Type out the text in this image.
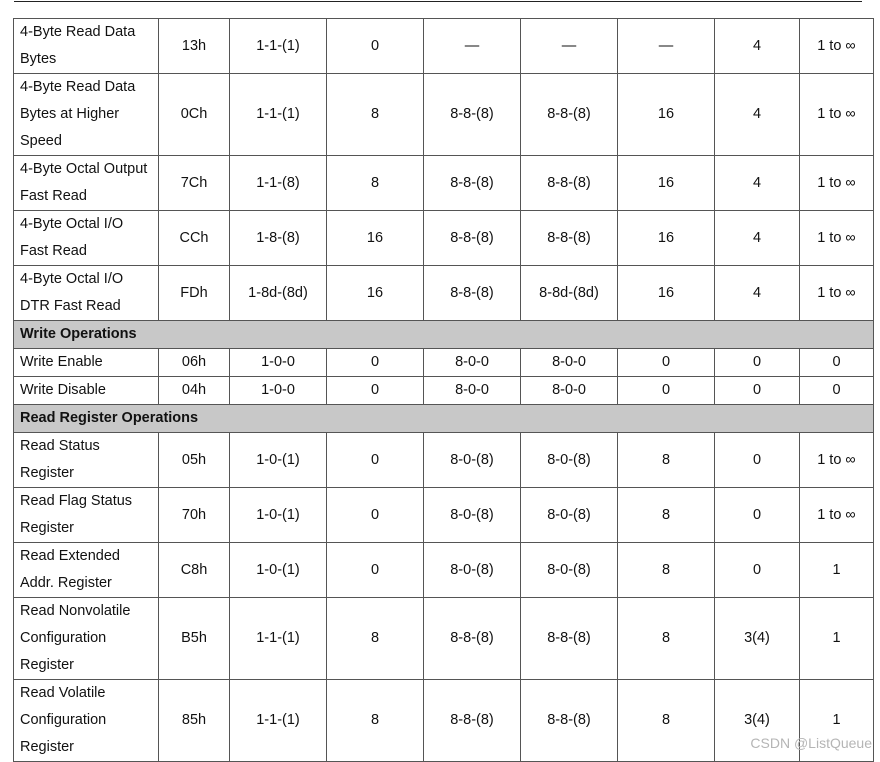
4-Byte Read Data Bytes	13h	1-1-(1)	0	—	—	—	4	1 to ∞
4-Byte Read Data Bytes at Higher Speed	0Ch	1-1-(1)	8	8-8-(8)	8-8-(8)	16	4	1 to ∞
4-Byte Octal Output Fast Read	7Ch	1-1-(8)	8	8-8-(8)	8-8-(8)	16	4	1 to ∞
4-Byte Octal I/O Fast Read	CCh	1-8-(8)	16	8-8-(8)	8-8-(8)	16	4	1 to ∞
4-Byte Octal I/O DTR Fast Read	FDh	1-8d-(8d)	16	8-8-(8)	8-8d-(8d)	16	4	1 to ∞
Write Operations								
Write Enable	06h	1-0-0	0	8-0-0	8-0-0	0	0	0
Write Disable	04h	1-0-0	0	8-0-0	8-0-0	0	0	0
Read Register Operations								
Read Status Register	05h	1-0-(1)	0	8-0-(8)	8-0-(8)	8	0	1 to ∞
Read Flag Status Register	70h	1-0-(1)	0	8-0-(8)	8-0-(8)	8	0	1 to ∞
Read Extended Addr. Register	C8h	1-0-(1)	0	8-0-(8)	8-0-(8)	8	0	1
Read Nonvolatile Configuration Register	B5h	1-1-(1)	8	8-8-(8)	8-8-(8)	8	3(4)	1
Read Volatile Configuration Register	85h	1-1-(1)	8	8-8-(8)	8-8-(8)	8	3(4)	1
CSDN @ListQueue
